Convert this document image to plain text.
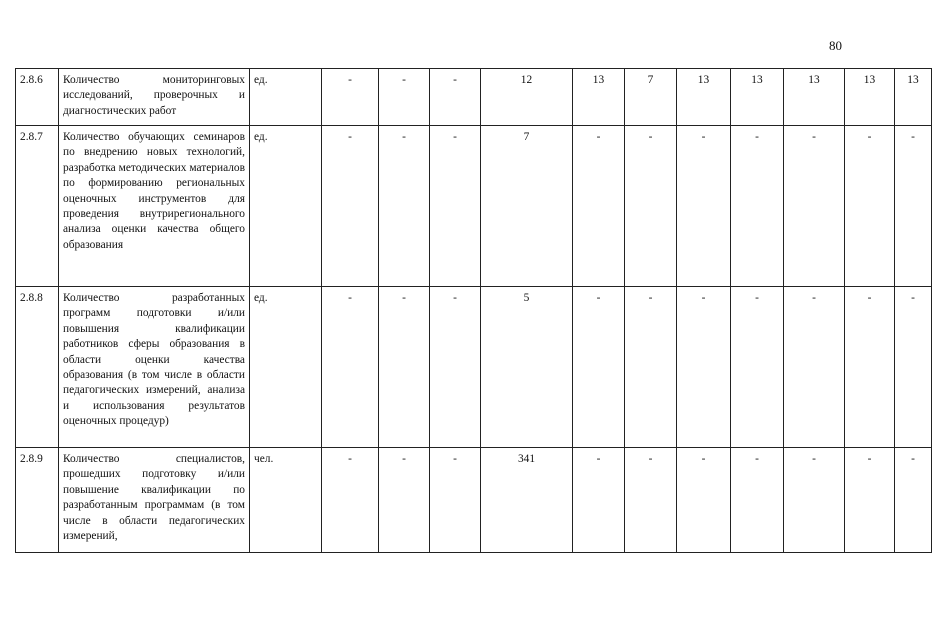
80
2.8.6	Количество мониторинговых исследований, проверочных и диагностических работ	ед.	-	-	-	12	13	7	13	13	13	13	13
2.8.7	Количество обучающих семинаров по внедрению новых технологий, разработка методических материалов по формированию региональных оценочных инструментов для проведения внутрирегионального анализа оценки качества общего образования	ед.	-	-	-	7	-	-	-	-	-	-	-
2.8.8	Количество разработанных программ подготовки и/или повышения квалификации работников сферы образования в области оценки качества образования (в том числе в области педагогических измерений, анализа и использования результатов оценочных процедур)	ед.	-	-	-	5	-	-	-	-	-	-	-
2.8.9	Количество специалистов, прошедших подготовку и/или повышение квалификации по разработанным программам (в том числе в области педагогических измерений,	чел.	-	-	-	341	-	-	-	-	-	-	-
